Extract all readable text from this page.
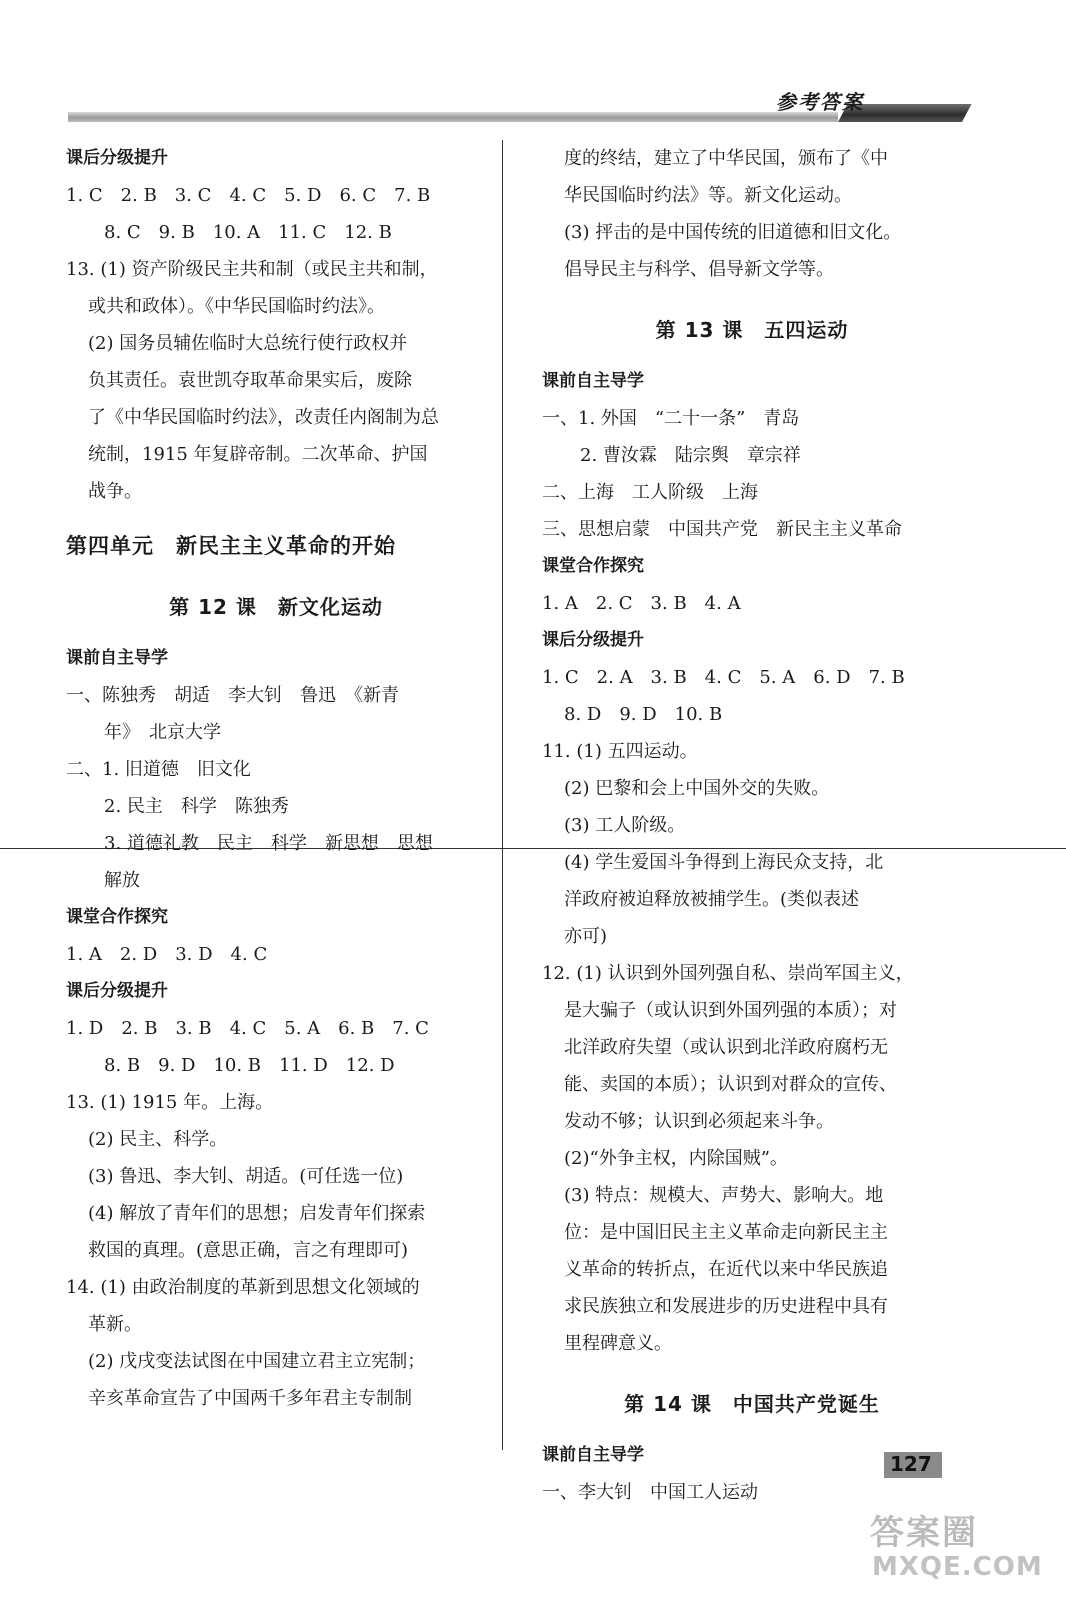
参考答案
课后分级提升
1. C　2. B　3. C　4. C　5. D　6. C　7. B
8. C　9. B　10. A　11. C　12. B
13. (1) 资产阶级民主共和制（或民主共和制，
或共和政体）。《中华民国临时约法》。
(2) 国务员辅佐临时大总统行使行政权并
负其责任。袁世凯夺取革命果实后，废除
了《中华民国临时约法》，改责任内阁制为总
统制，1915 年复辟帝制。二次革命、护国
战争。
第四单元　新民主主义革命的开始
第 12 课　新文化运动
课前自主导学
一、陈独秀　胡适　李大钊　鲁迅　《新青
年》　北京大学
二、1. 旧道德　旧文化
2. 民主　科学　陈独秀
3. 道德礼教　民主　科学　新思想　思想
解放
课堂合作探究
1. A　2. D　3. D　4. C
课后分级提升
1. D　2. B　3. B　4. C　5. A　6. B　7. C
8. B　9. D　10. B　11. D　12. D
13. (1) 1915 年。上海。
(2) 民主、科学。
(3) 鲁迅、李大钊、胡适。(可任选一位)
(4) 解放了青年们的思想；启发青年们探索
救国的真理。(意思正确，言之有理即可)
14. (1) 由政治制度的革新到思想文化领域的
革新。
(2) 戊戌变法试图在中国建立君主立宪制；
辛亥革命宣告了中国两千多年君主专制制
度的终结，建立了中华民国，颁布了《中
华民国临时约法》等。新文化运动。
(3) 抨击的是中国传统的旧道德和旧文化。
倡导民主与科学、倡导新文学等。
第 13 课　五四运动
课前自主导学
一、1. 外国　“二十一条”　青岛
2. 曹汝霖　陆宗舆　章宗祥
二、上海　工人阶级　上海
三、思想启蒙　中国共产党　新民主主义革命
课堂合作探究
1. A　2. C　3. B　4. A
课后分级提升
1. C　2. A　3. B　4. C　5. A　6. D　7. B
8. D　9. D　10. B
11. (1) 五四运动。
(2) 巴黎和会上中国外交的失败。
(3) 工人阶级。
(4) 学生爱国斗争得到上海民众支持，北
洋政府被迫释放被捕学生。(类似表述
亦可)
12. (1) 认识到外国列强自私、崇尚军国主义，
是大骗子（或认识到外国列强的本质）；对
北洋政府失望（或认识到北洋政府腐朽无
能、卖国的本质）；认识到对群众的宣传、
发动不够；认识到必须起来斗争。
(2)“外争主权，内除国贼”。
(3) 特点：规模大、声势大、影响大。地
位：是中国旧民主主义革命走向新民主主
义革命的转折点，在近代以来中华民族追
求民族独立和发展进步的历史进程中具有
里程碑意义。
第 14 课　中国共产党诞生
课前自主导学
一、李大钊　中国工人运动
127
答案圈
MXQE.COM
